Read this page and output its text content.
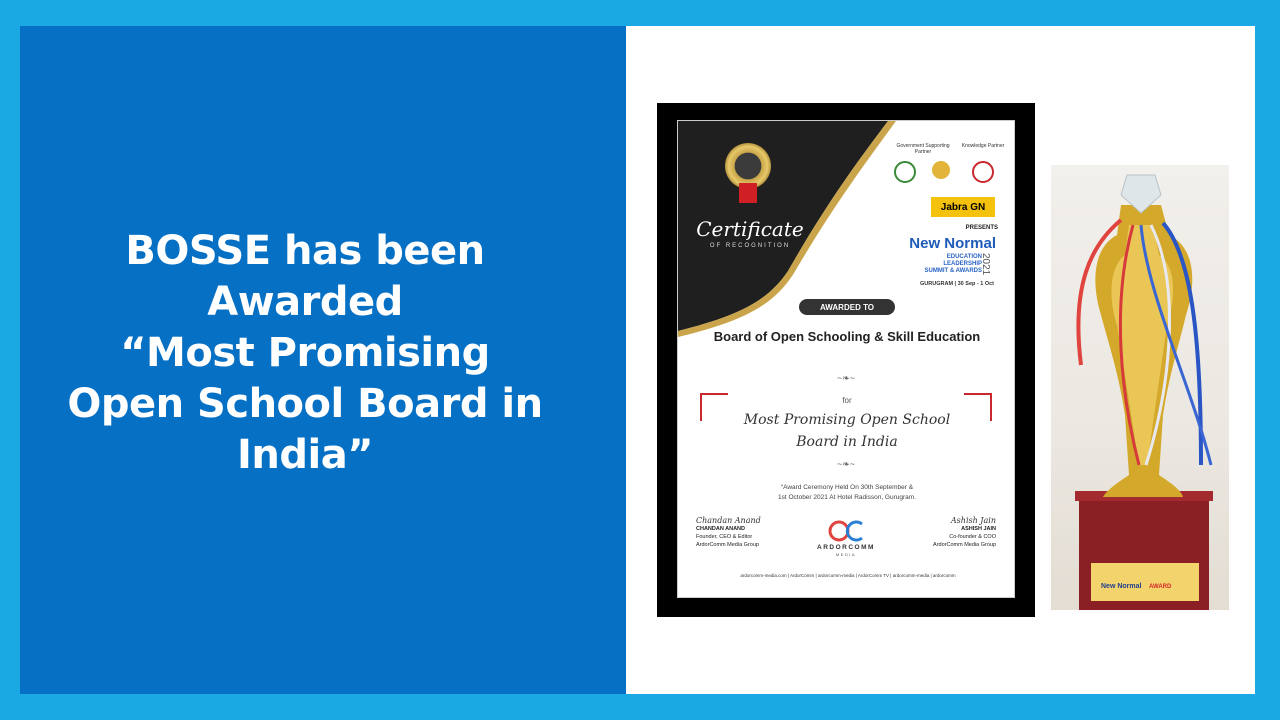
BOSSE has been
Awarded
“Most Promising
Open School Board in
India”
Certificate
OF RECOGNITION
Government Supporting Partner
Knowledge Partner
Jabra GN
PRESENTS
New Normal
EDUCATION
LEADERSHIP
SUMMIT & AWARDS
2021
GURUGRAM | 30 Sep - 1 Oct
AWARDED TO
Board of Open Schooling & Skill Education
~❧~
for
Most Promising Open School
Board in India
~❧~
“Award Ceremony Held On 30th September &
1st October 2021 At Hotel Radisson, Gurugram.
Chandan Anand
CHANDAN ANAND
Founder, CEO & Editor
ArdorComm Media Group
Ashish Jain
ASHISH JAIN
Co-founder & COO
ArdorComm Media Group
ARDORCOMM
MEDIA
ardorcomm-media.com | ArdorComm | ardorcomm-media | ArdorComm TV | ardorcomm-media | ardorcomm
New Normal AWARD
